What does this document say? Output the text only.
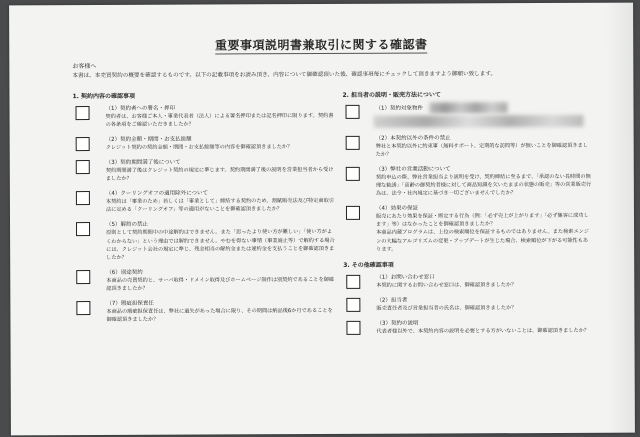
重要事項説明書兼取引に関する確認書
お客様へ
本書は、本売買契約の概要を確認するものです。以下の記載事項をお読み頂き、内容について御確認頂いた後、確認事項毎にチェックして頂きますよう御願い致します。
1. 契約内容の確認事項
（1）契約者への署名・押印
契約者は、お客様ご本人・事業代表者（法人）による署名押印または記名押印に限ります。契約書の各条項をご確認いただきましたか？
（2）契約金額・期間・お支払総額
クレジット契約の契約金額・期間・お支払総額等の内容を御確認頂きましたか？
（3）契約期間満了後について
契約期間満了後はクレジット契約の規定に準じます。契約期間満了後の説明を営業担当者から受けましたか？
（4）クーリングオフの適用除外について
本契約は「事業のため」若しくは「事業として」締結する契約のため、割賦販売法及び特定商取引法に定める「クーリングオフ」等の適用がないことを御確認頂きましたか？
（5）解約の禁止
原則として契約期間中の中途解約はできません。また「思ったより使い方が難しい」「使い方がよくわからない」という理由では解約できません。やむを得ない事情（事業廃止等）で解約する場合には、クレジット会社の規定に準じ、残金相当の解約金または違約金を支払うことを御確認頂きましたか？
（6）別途契約
本商品の売買契約と、サーバ取得・ドメイン取得及びホームページ制作は別契約であることを御確認頂きましたか？
（7）瑕疵担保責任
本商品の瑕疵担保責任は、弊社に過失があった場合に限り、その期間は納品後6か月であることを御確認頂きましたか？
2. 担当者の説明・販売方法について
（1）契約対象物件
（2）本契約以外の条件の禁止
弊社と本契約以外に約束事（無料サポート、定期的な訪問等）が無いことを御確認頂きましたか？
（3）弊社の営業活動について
契約申込の際、弊社営業担当より説明を受け、契約締結に至るまで、「承認のない長時間の無理な勧誘」「高齢の御契約者様に対して商品知識を欠いたままの状態の販売」等の営業販売行為は、法令・社内規定に基づき一切ございませんでしたか？
（4）効果の保証
販売にあたり効果を保証・断定する行為（例：「必ず売上が上がります」「必ず集客に成功します」等）はなかったことを御確認頂きましたか？
本商品内蔵プログラムは、上位の検索順位を保証するものではありません。また検索エンジンの大幅なアルゴリズムの変更・アップデートが生じた場合、検索順位が下がる可能性もあります。
3. その他確認事項
（1）お問い合わせ窓口
本契約に関するお問い合わせ窓口は、御確認頂きましたか？
（2）担当者
販売責任者及び営業担当者の氏名は、御確認頂きましたか？
（3）契約の説明
代表者様以外で、本契約内容の説明を必要とする方がいないことは、御確認頂きましたか？
